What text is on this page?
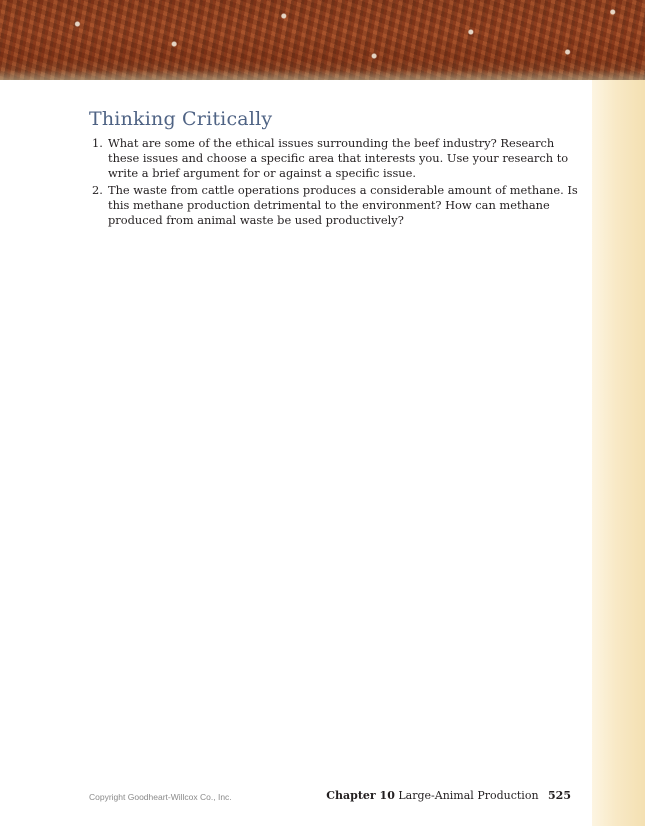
Thinking Critically
1. What are some of the ethical issues surrounding the beef industry? Research these issues and choose a specific area that interests you. Use your research to write a brief argument for or against a specific issue.
2. The waste from cattle operations produces a considerable amount of methane. Is this methane production detrimental to the environment? How can methane produced from animal waste be used productively?
Copyright Goodheart-Willcox Co., Inc.	Chapter 10 Large-Animal Production 525
